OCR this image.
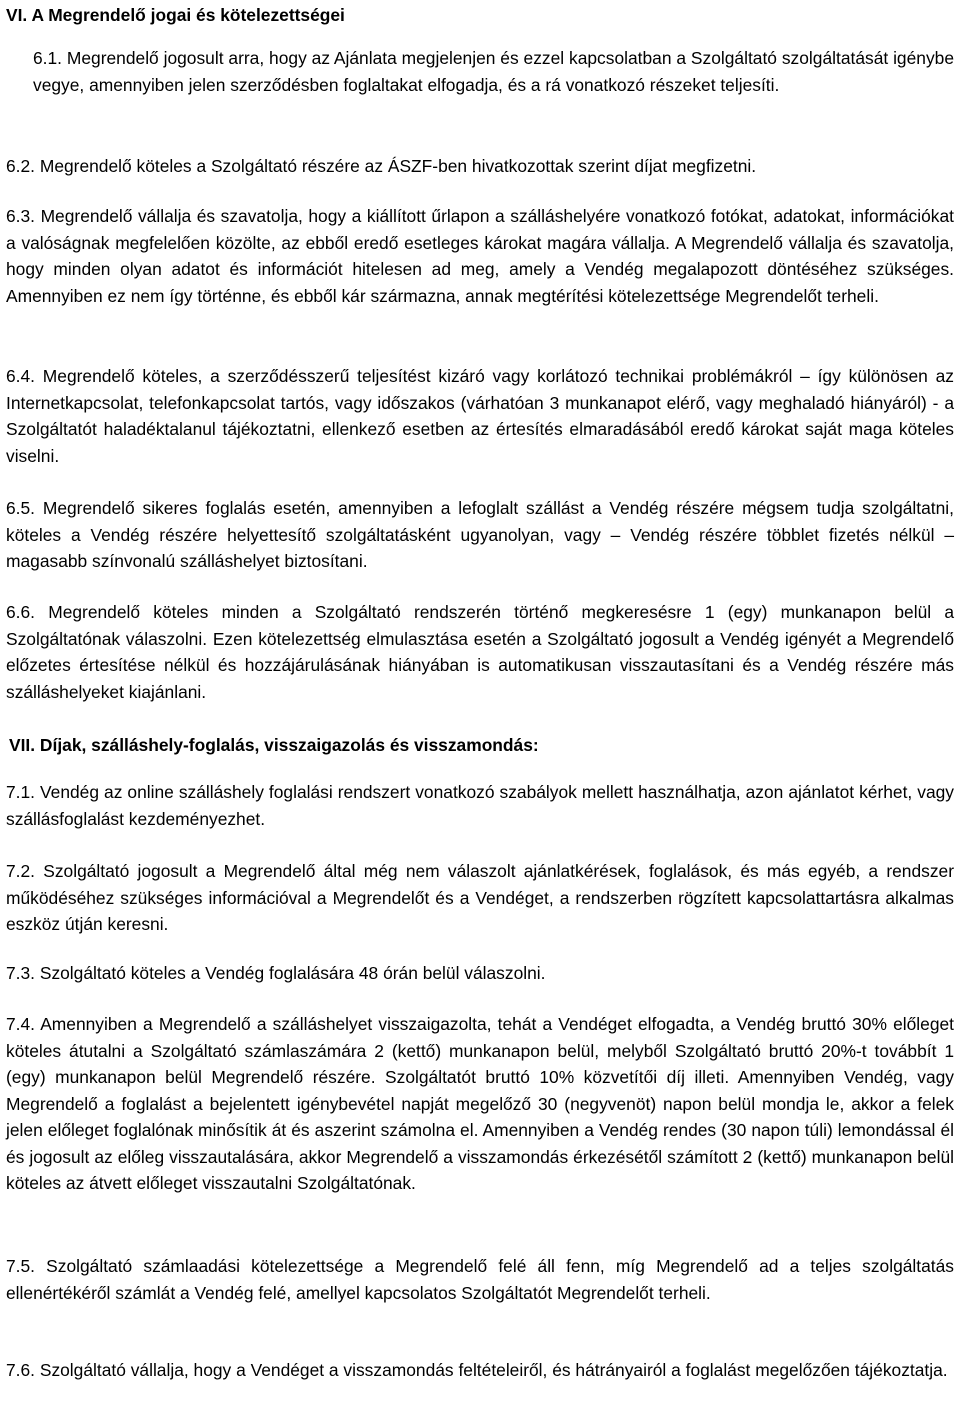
VI. A Megrendelő jogai és kötelezettségei

6.1. Megrendelő jogosult arra, hogy az Ajánlata megjelenjen és ezzel kapcsolatban a Szolgáltató szolgáltatását igénybe vegye, amennyiben jelen szerződésben foglaltakat elfogadja, és a rá vonatkozó részeket teljesíti.

6.2. Megrendelő köteles a Szolgáltató részére az ÁSZF-ben hivatkozottak szerint díjat megfizetni.

6.3. Megrendelő vállalja és szavatolja, hogy a kiállított űrlapon a szálláshelyére vonatkozó fotókat, adatokat, információkat a valóságnak megfelelően közölte, az ebből eredő esetleges károkat magára vállalja. A Megrendelő vállalja és szavatolja, hogy minden olyan adatot és információt hitelesen ad meg, amely a Vendég megalapozott döntéséhez szükséges. Amennyiben ez nem így történne, és ebből kár származna, annak megtérítési kötelezettsége Megrendelőt terheli.

6.4. Megrendelő köteles, a szerződésszerű teljesítést kizáró vagy korlátozó technikai problémákról – így különösen az Internetkapcsolat, telefonkapcsolat tartós, vagy időszakos (várhatóan 3 munkanapot elérő, vagy meghaladó hiányáról) - a Szolgáltatót haladéktalanul tájékoztatni, ellenkező esetben az értesítés elmaradásából eredő károkat saját maga köteles viselni.

6.5. Megrendelő sikeres foglalás esetén, amennyiben a lefoglalt szállást a Vendég részére mégsem tudja szolgáltatni, köteles a Vendég részére helyettesítő szolgáltatásként ugyanolyan, vagy – Vendég részére többlet fizetés nélkül – magasabb színvonalú szálláshelyet biztosítani.

6.6. Megrendelő köteles minden a Szolgáltató rendszerén történő megkeresésre 1 (egy) munkanapon belül a Szolgáltatónak válaszolni. Ezen kötelezettség elmulasztása esetén a Szolgáltató jogosult a Vendég igényét a Megrendelő előzetes értesítése nélkül és hozzájárulásának hiányában is automatikusan visszautasítani és a Vendég részére más szálláshelyeket kiajánlani.

VII. Díjak, szálláshely-foglalás, visszaigazolás és visszamondás:

7.1. Vendég az online szálláshely foglalási rendszert vonatkozó szabályok mellett használhatja, azon ajánlatot kérhet, vagy szállásfoglalást kezdeményezhet.

7.2. Szolgáltató jogosult a Megrendelő által még nem válaszolt ajánlatkérések, foglalások, és más egyéb, a rendszer működéséhez szükséges információval a Megrendelőt és a Vendéget, a rendszerben rögzített kapcsolattartásra alkalmas eszköz útján keresni.

7.3. Szolgáltató köteles a Vendég foglalására 48 órán belül válaszolni.

7.4. Amennyiben a Megrendelő a szálláshelyet visszaigazolta, tehát a Vendéget elfogadta, a Vendég bruttó 30% előleget köteles átutalni a Szolgáltató számlaszámára 2 (kettő) munkanapon belül, melyből Szolgáltató bruttó 20%-t továbbít 1 (egy) munkanapon belül Megrendelő részére. Szolgáltatót bruttó 10% közvetítői díj illeti. Amennyiben Vendég, vagy Megrendelő a foglalást a bejelentett igénybevétel napját megelőző 30 (negyvenöt) napon belül mondja le, akkor a felek jelen előleget foglalónak minősítik át és aszerint számolna el. Amennyiben a Vendég rendes (30 napon túli) lemondással él és jogosult az előleg visszautalására, akkor Megrendelő a visszamondás érkezésétől számított 2 (kettő) munkanapon belül köteles az átvett előleget visszautalni Szolgáltatónak.

7.5. Szolgáltató számlaadási kötelezettsége a Megrendelő felé áll fenn, míg Megrendelő ad a teljes szolgáltatás ellenértékéről számlát a Vendég felé, amellyel kapcsolatos Szolgáltatót Megrendelőt terheli.

7.6. Szolgáltató vállalja, hogy a Vendéget a visszamondás feltételeiről, és hátrányairól a foglalást megelőzően tájékoztatja.
